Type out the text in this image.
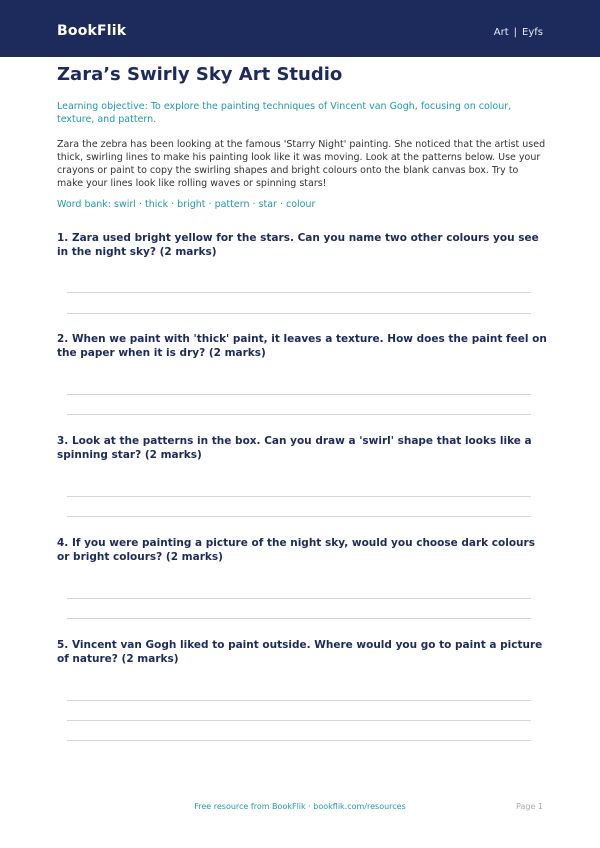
BookFlik	Art | Eyfs
Zara’s Swirly Sky Art Studio

Learning objective: To explore the painting techniques of Vincent van Gogh, focusing on colour, texture, and pattern.

Zara the zebra has been looking at the famous 'Starry Night' painting. She noticed that the artist used thick, swirling lines to make his painting look like it was moving. Look at the patterns below. Use your crayons or paint to copy the swirling shapes and bright colours onto the blank canvas box. Try to make your lines look like rolling waves or spinning stars!

Word bank: swirl · thick · bright · pattern · star · colour

1. Zara used bright yellow for the stars. Can you name two other colours you see in the night sky? (2 marks)

2. When we paint with 'thick' paint, it leaves a texture. How does the paint feel on the paper when it is dry? (2 marks)

3. Look at the patterns in the box. Can you draw a 'swirl' shape that looks like a spinning star? (2 marks)

4. If you were painting a picture of the night sky, would you choose dark colours or bright colours? (2 marks)

5. Vincent van Gogh liked to paint outside. Where would you go to paint a picture of nature? (2 marks)

Free resource from BookFlik · bookflik.com/resources	Page 1
